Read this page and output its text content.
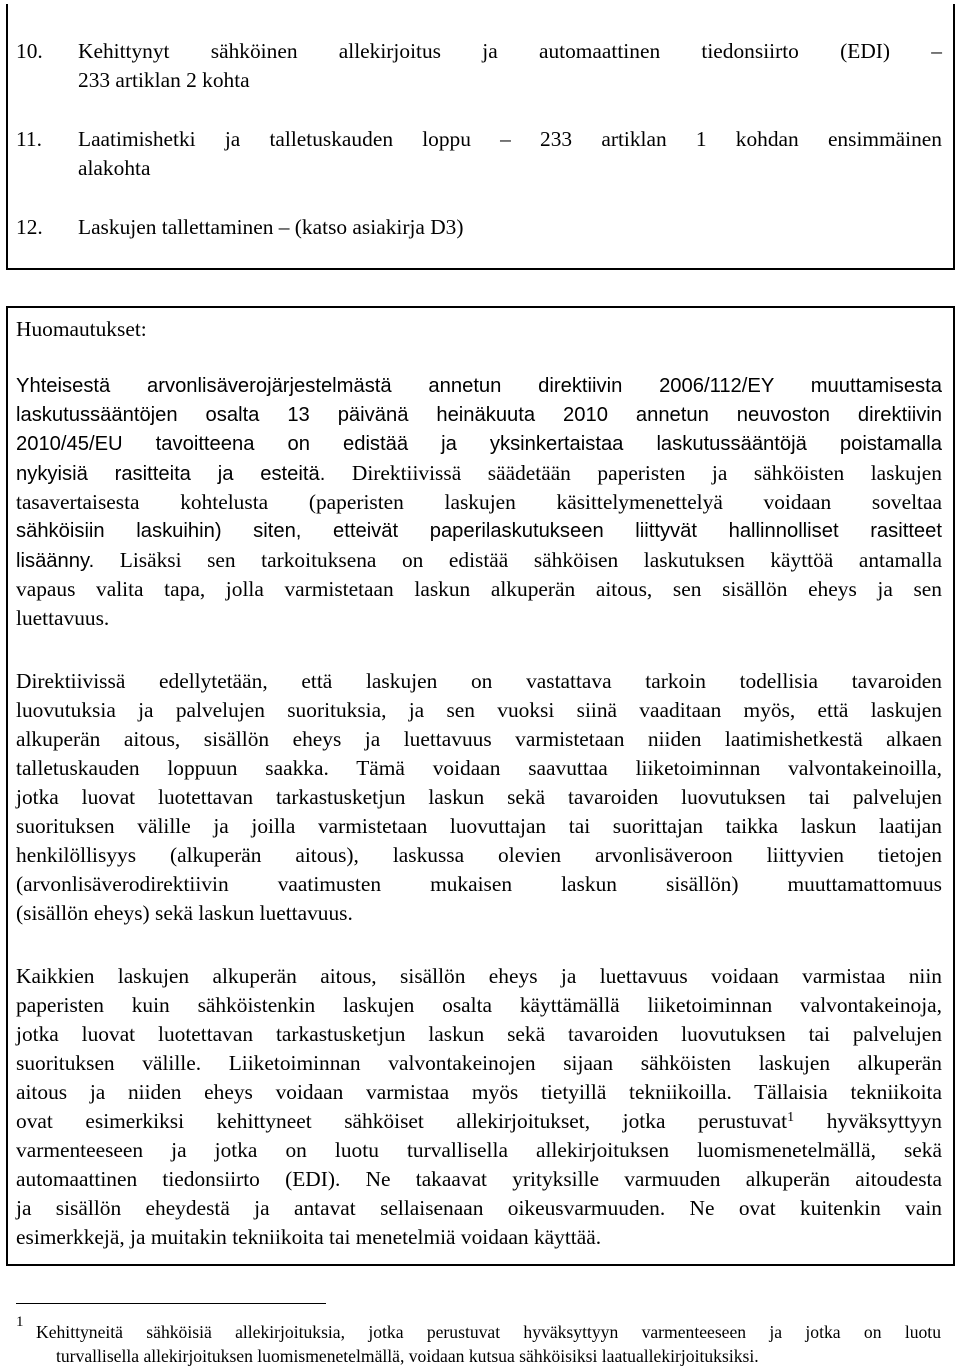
10. Kehittynyt sähköinen allekirjoitus ja automaattinen tiedonsiirto (EDI) –
233 artiklan 2 kohta
11. Laatimishetki ja talletuskauden loppu – 233 artiklan 1 kohdan ensimmäinen
alakohta
12. Laskujen tallettaminen – (katso asiakirja D3)
Huomautukset:
Yhteisestä arvonlisäverojärjestelmästä annetun direktiivin 2006/112/EY muuttamisesta
laskutussääntöjen osalta 13 päivänä heinäkuuta 2010 annetun neuvoston direktiivin
2010/45/EU tavoitteena on edistää ja yksinkertaistaa laskutussääntöjä poistamalla
nykyisiä rasitteita ja esteitä. Direktiivissä säädetään paperisten ja sähköisten laskujen
tasavertaisesta kohtelusta (paperisten laskujen käsittelymenettelyä voidaan soveltaa
sähköisiin laskuihin) siten, etteivät paperilaskutukseen liittyvät hallinnolliset rasitteet
lisäänny. Lisäksi sen tarkoituksena on edistää sähköisen laskutuksen käyttöä antamalla
vapaus valita tapa, jolla varmistetaan laskun alkuperän aitous, sen sisällön eheys ja sen
luettavuus.
Direktiivissä edellytetään, että laskujen on vastattava tarkoin todellisia tavaroiden
luovutuksia ja palvelujen suorituksia, ja sen vuoksi siinä vaaditaan myös, että laskujen
alkuperän aitous, sisällön eheys ja luettavuus varmistetaan niiden laatimishetkestä alkaen
talletuskauden loppuun saakka. Tämä voidaan saavuttaa liiketoiminnan valvontakeinoilla,
jotka luovat luotettavan tarkastusketjun laskun sekä tavaroiden luovutuksen tai palvelujen
suorituksen välille ja joilla varmistetaan luovuttajan tai suorittajan taikka laskun laatijan
henkilöllisyys (alkuperän aitous), laskussa olevien arvonlisäveroon liittyvien tietojen
(arvonlisäverodirektiivin vaatimusten mukaisen laskun sisällön) muuttamattomuus
(sisällön eheys) sekä laskun luettavuus.
Kaikkien laskujen alkuperän aitous, sisällön eheys ja luettavuus voidaan varmistaa niin
paperisten kuin sähköistenkin laskujen osalta käyttämällä liiketoiminnan valvontakeinoja,
jotka luovat luotettavan tarkastusketjun laskun sekä tavaroiden luovutuksen tai palvelujen
suorituksen välille. Liiketoiminnan valvontakeinojen sijaan sähköisten laskujen alkuperän
aitous ja niiden eheys voidaan varmistaa myös tietyillä tekniikoilla. Tällaisia tekniikoita
ovat esimerkiksi kehittyneet sähköiset allekirjoitukset, jotka perustuvat$^1$ hyväksyttyyn
varmenteeseen ja jotka on luotu turvallisella allekirjoituksen luomismenetelmällä, sekä
automaattinen tiedonsiirto (EDI). Ne takaavat yrityksille varmuuden alkuperän aitoudesta
ja sisällön eheydestä ja antavat sellaisenaan oikeusvarmuuden. Ne ovat kuitenkin vain
esimerkkejä, ja muitakin tekniikoita tai menetelmiä voidaan käyttää.
1 Kehittyneitä sähköisiä allekirjoituksia, jotka perustuvat hyväksyttyyn varmenteeseen ja jotka on luotu
turvallisella allekirjoituksen luomismenetelmällä, voidaan kutsua sähköisiksi laatuallekirjoituksiksi.
